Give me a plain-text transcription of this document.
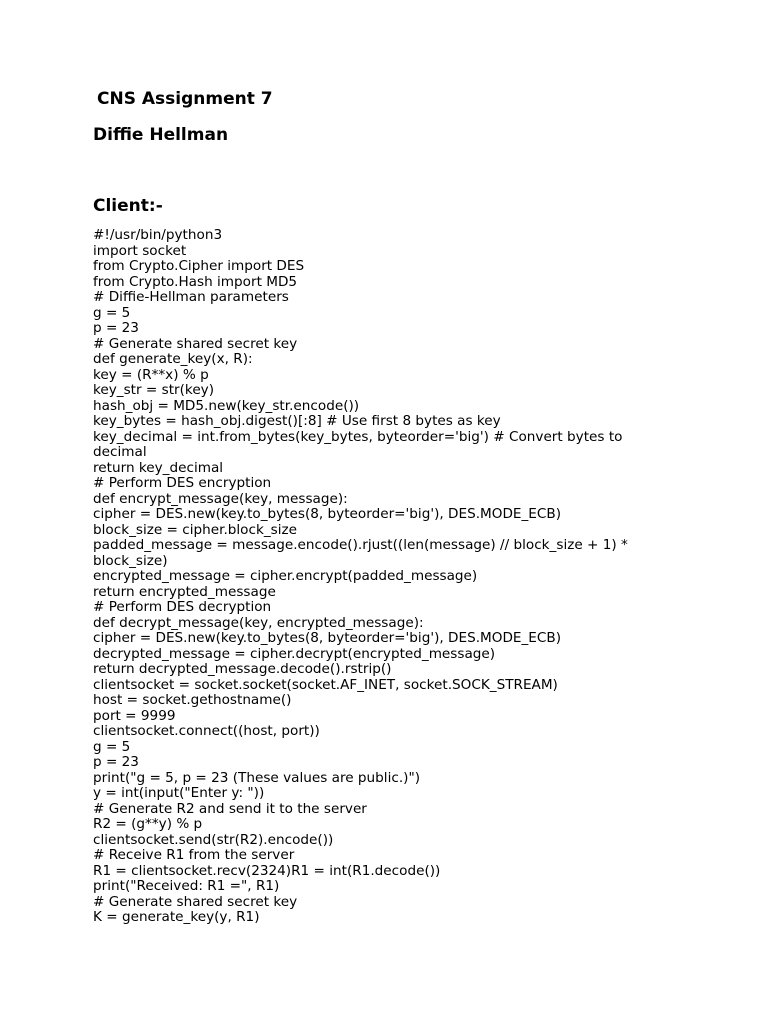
CNS Assignment 7
Diffie Hellman
Client:-
#!/usr/bin/python3
import socket
from Crypto.Cipher import DES
from Crypto.Hash import MD5
# Diffie-Hellman parameters
g = 5
p = 23
# Generate shared secret key
def generate_key(x, R):
key = (R**x) % p
key_str = str(key)
hash_obj = MD5.new(key_str.encode())
key_bytes = hash_obj.digest()[:8] # Use first 8 bytes as key
key_decimal = int.from_bytes(key_bytes, byteorder='big') # Convert bytes to
decimal
return key_decimal
# Perform DES encryption
def encrypt_message(key, message):
cipher = DES.new(key.to_bytes(8, byteorder='big'), DES.MODE_ECB)
block_size = cipher.block_size
padded_message = message.encode().rjust((len(message) // block_size + 1) *
block_size)
encrypted_message = cipher.encrypt(padded_message)
return encrypted_message
# Perform DES decryption
def decrypt_message(key, encrypted_message):
cipher = DES.new(key.to_bytes(8, byteorder='big'), DES.MODE_ECB)
decrypted_message = cipher.decrypt(encrypted_message)
return decrypted_message.decode().rstrip()
clientsocket = socket.socket(socket.AF_INET, socket.SOCK_STREAM)
host = socket.gethostname()
port = 9999
clientsocket.connect((host, port))
g = 5
p = 23
print("g = 5, p = 23 (These values are public.)")
y = int(input("Enter y: "))
# Generate R2 and send it to the server
R2 = (g**y) % p
clientsocket.send(str(R2).encode())
# Receive R1 from the server
R1 = clientsocket.recv(2324)R1 = int(R1.decode())
print("Received: R1 =", R1)
# Generate shared secret key
K = generate_key(y, R1)
